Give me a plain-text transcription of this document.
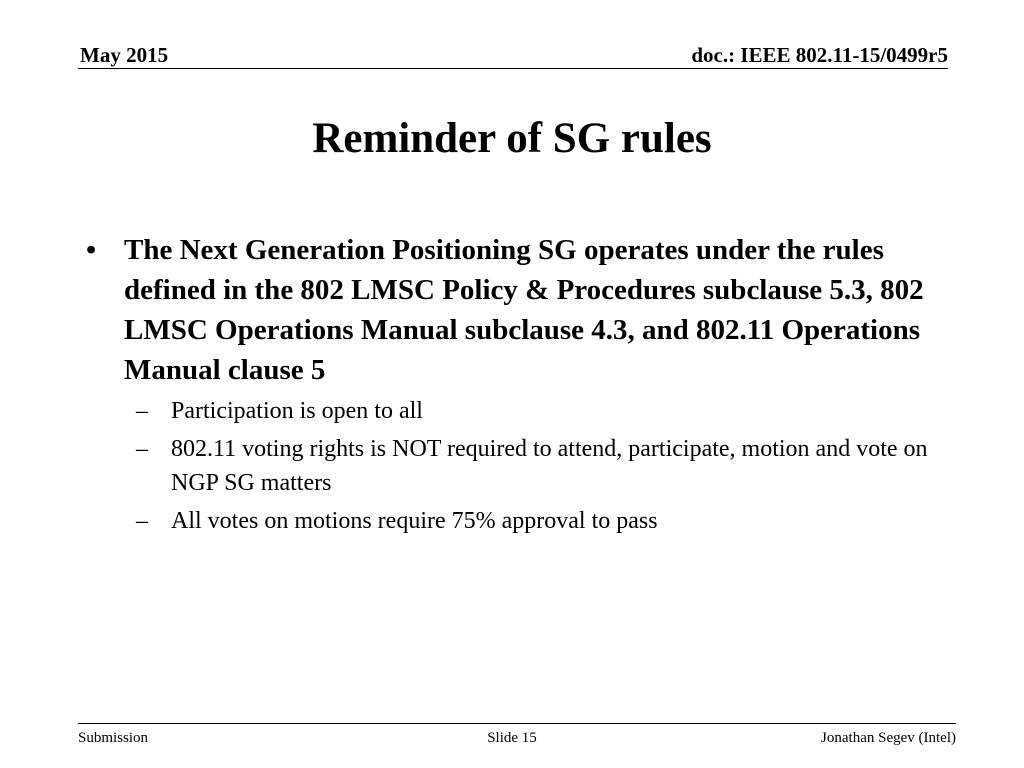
May 2015	doc.: IEEE 802.11-15/0499r5
Reminder of SG rules
• The Next Generation Positioning SG operates under the rules defined in the 802 LMSC Policy & Procedures subclause 5.3, 802 LMSC Operations Manual subclause 4.3, and 802.11 Operations Manual clause 5
– Participation is open to all
– 802.11 voting rights is NOT required to attend, participate, motion and vote on NGP SG matters
– All votes on motions require 75% approval to pass
Submission	Slide 15	Jonathan Segev (Intel)
